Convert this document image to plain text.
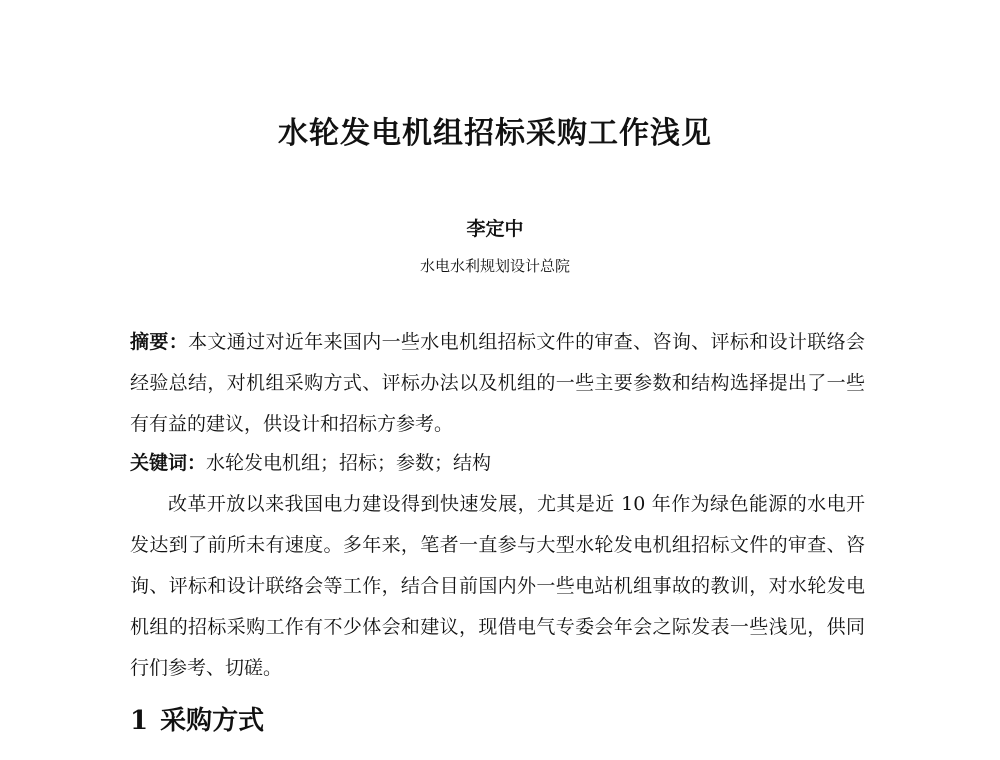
水轮发电机组招标采购工作浅见
李定中
水电水利规划设计总院

摘要：本文通过对近年来国内一些水电机组招标文件的审查、咨询、评标和设计联络会经验总结，对机组采购方式、评标办法以及机组的一些主要参数和结构选择提出了一些有有益的建议，供设计和招标方参考。

关键词：水轮发电机组；招标；参数；结构

改革开放以来我国电力建设得到快速发展，尤其是近 10 年作为绿色能源的水电开发达到了前所未有速度。多年来，笔者一直参与大型水轮发电机组招标文件的审查、咨询、评标和设计联络会等工作，结合目前国内外一些电站机组事故的教训，对水轮发电机组的招标采购工作有不少体会和建议，现借电气专委会年会之际发表一些浅见，供同行们参考、切磋。

1 采购方式
